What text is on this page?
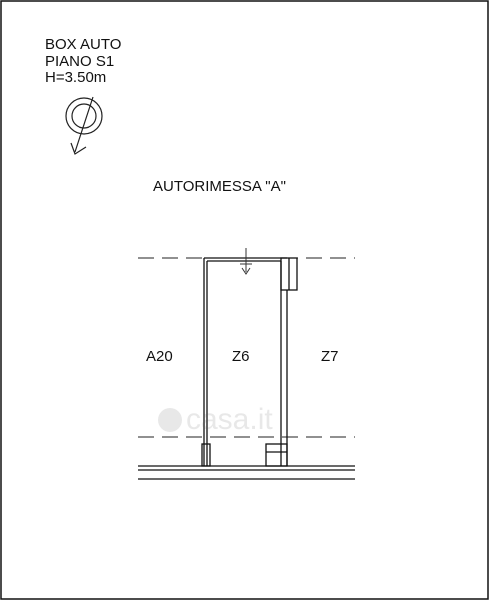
BOX AUTO
PIANO S1
H=3.50m
AUTORIMESSA "A"
A20	Z6	Z7
casa.it
